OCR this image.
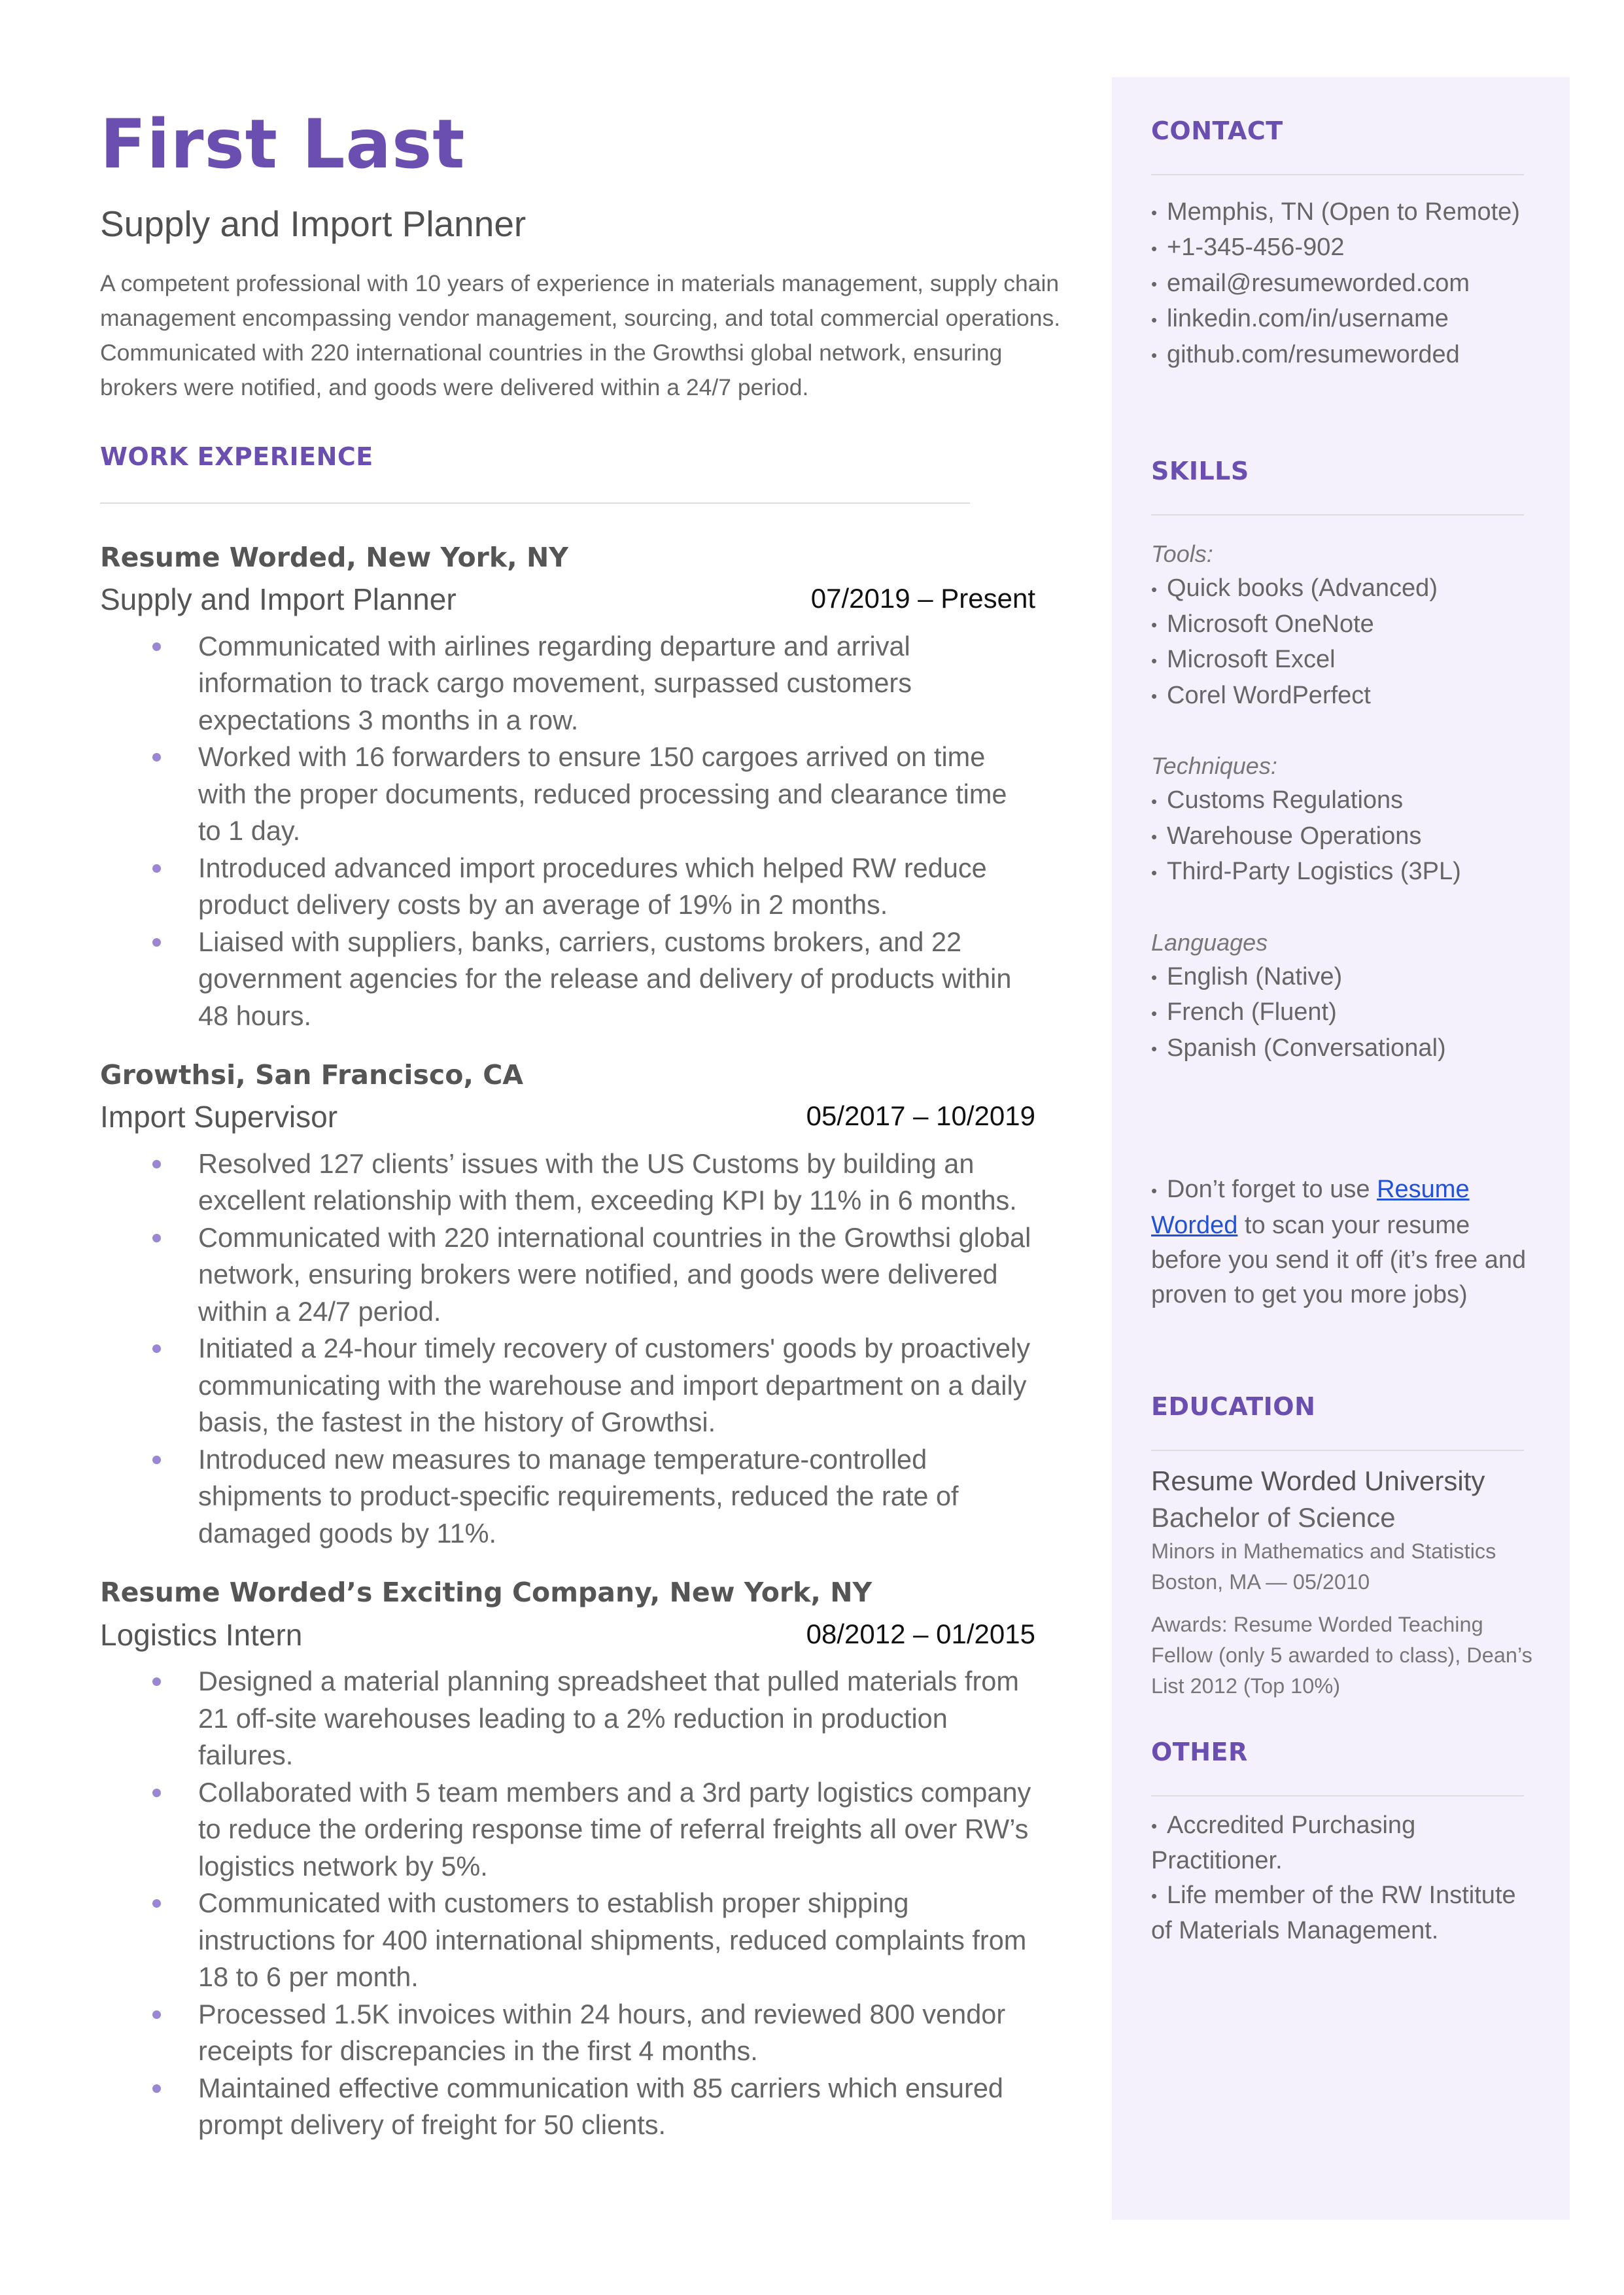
First Last
Supply and Import Planner
A competent professional with 10 years of experience in materials management, supply chain management encompassing vendor management, sourcing, and total commercial operations. Communicated with 220 international countries in the Growthsi global network, ensuring brokers were notified, and goods were delivered within a 24/7 period.
WORK EXPERIENCE
Resume Worded, New York, NY
Supply and Import Planner	07/2019 – Present
Communicated with airlines regarding departure and arrival information to track cargo movement, surpassed customers expectations 3 months in a row.
Worked with 16 forwarders to ensure 150 cargoes arrived on time with the proper documents, reduced processing and clearance time to 1 day.
Introduced advanced import procedures which helped RW reduce product delivery costs by an average of 19% in 2 months.
Liaised with suppliers, banks, carriers, customs brokers, and 22 government agencies for the release and delivery of products within 48 hours.
Growthsi, San Francisco, CA
Import Supervisor	05/2017 – 10/2019
Resolved 127 clients’ issues with the US Customs by building an excellent relationship with them, exceeding KPI by 11% in 6 months.
Communicated with 220 international countries in the Growthsi global network, ensuring brokers were notified, and goods were delivered within a 24/7 period.
Initiated a 24-hour timely recovery of customers' goods by proactively communicating with the warehouse and import department on a daily basis, the fastest in the history of Growthsi.
Introduced new measures to manage temperature-controlled shipments to product-specific requirements, reduced the rate of damaged goods by 11%.
Resume Worded’s Exciting Company, New York, NY
Logistics Intern	08/2012 – 01/2015
Designed a material planning spreadsheet that pulled materials from 21 off-site warehouses leading to a 2% reduction in production failures.
Collaborated with 5 team members and a 3rd party logistics company to reduce the ordering response time of referral freights all over RW’s logistics network by 5%.
Communicated with customers to establish proper shipping instructions for 400 international shipments, reduced complaints from 18 to 6 per month.
Processed 1.5K invoices within 24 hours, and reviewed 800 vendor receipts for discrepancies in the first 4 months.
Maintained effective communication with 85 carriers which ensured prompt delivery of freight for 50 clients.
CONTACT
• Memphis, TN (Open to Remote)
• +1-345-456-902
• email@resumeworded.com
• linkedin.com/in/username
• github.com/resumeworded
SKILLS
Tools:
• Quick books (Advanced)
• Microsoft OneNote
• Microsoft Excel
• Corel WordPerfect
Techniques:
• Customs Regulations
• Warehouse Operations
• Third-Party Logistics (3PL)
Languages
• English (Native)
• French (Fluent)
• Spanish (Conversational)
• Don’t forget to use Resume Worded to scan your resume before you send it off (it’s free and proven to get you more jobs)
EDUCATION
Resume Worded University
Bachelor of Science
Minors in Mathematics and Statistics
Boston, MA — 05/2010
Awards: Resume Worded Teaching Fellow (only 5 awarded to class), Dean’s List 2012 (Top 10%)
OTHER
• Accredited Purchasing Practitioner.
• Life member of the RW Institute of Materials Management.
